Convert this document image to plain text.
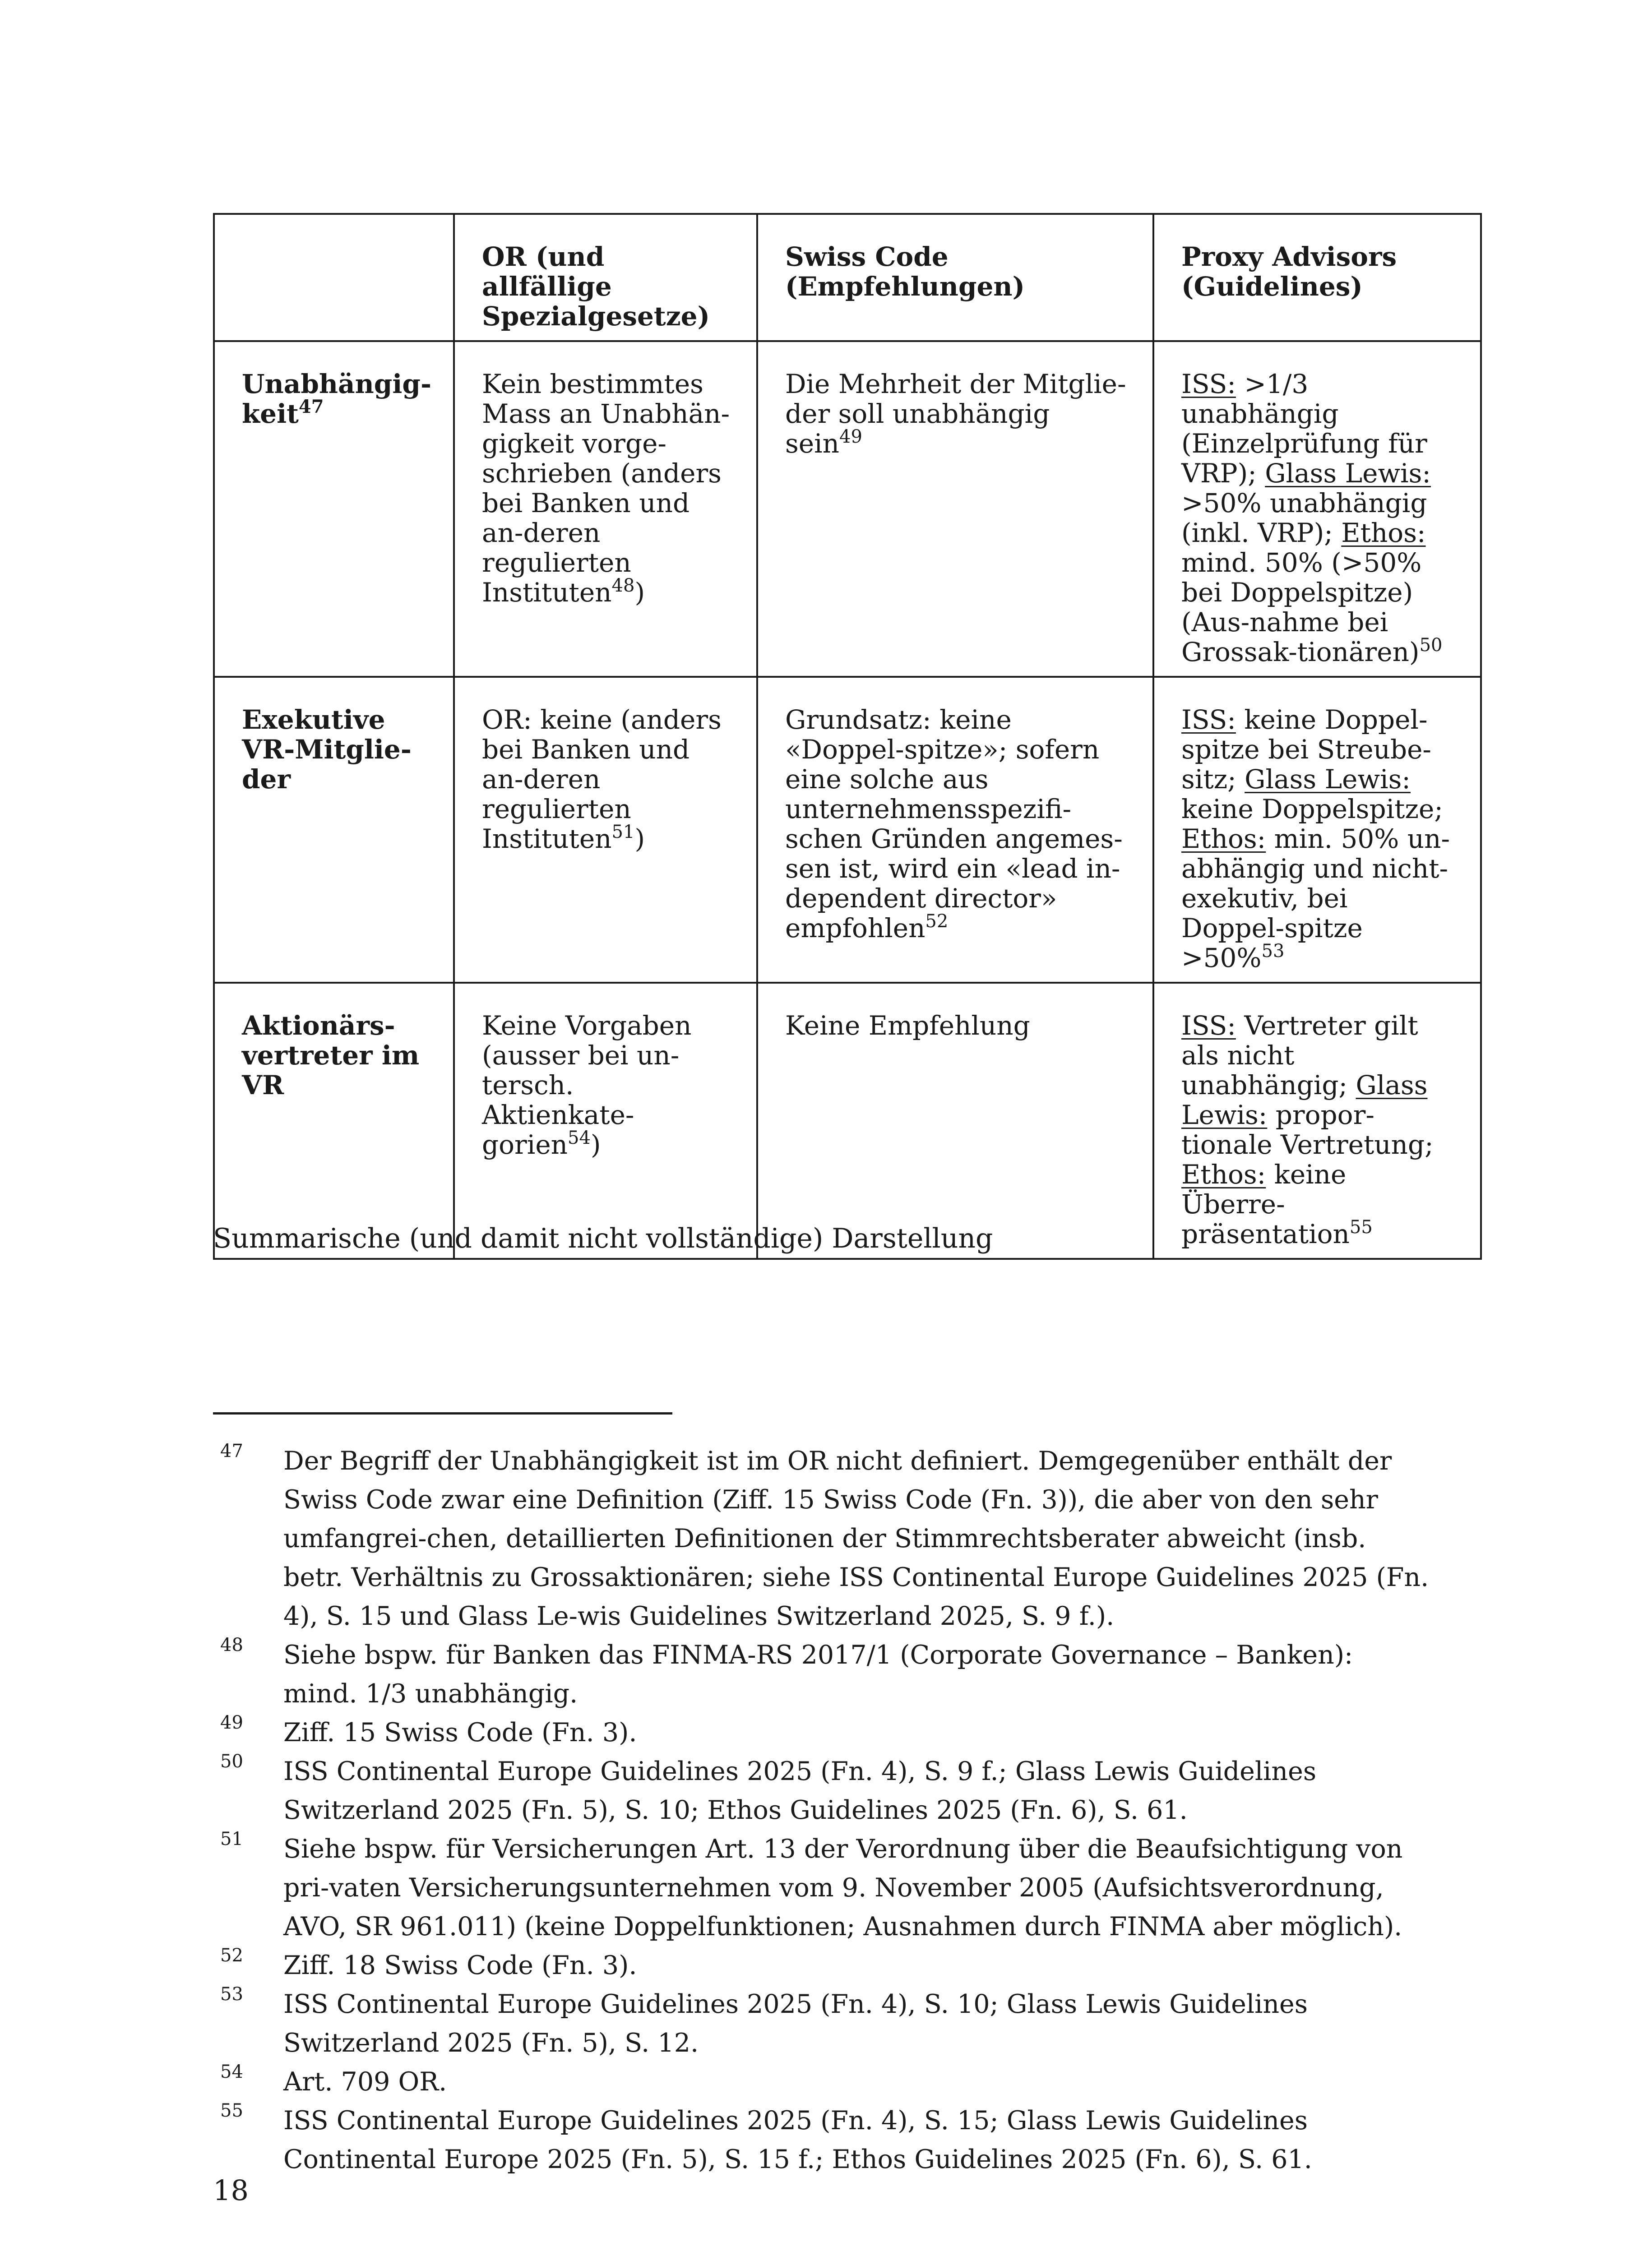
	OR (und allfällige Spezialgesetze)	Swiss Code (Empfehlungen)	Proxy Advisors (Guidelines)
Unabhängig-keit$^{47}$	Kein bestimmtes Mass an Unabhän-gigkeit vorge-schrieben (anders bei Banken und an-deren regulierten Instituten$^{48}$)	Die Mehrheit der Mitglie-der soll unabhängig sein$^{49}$	ISS: >1/3 unabhängig (Einzelprüfung für VRP); Glass Lewis: >50% unabhängig (inkl. VRP); Ethos: mind. 50% (>50% bei Doppelspitze) (Aus-nahme bei Grossak-tionären)$^{50}$
Exekutive VR-Mitglie-der	OR: keine (anders bei Banken und an-deren regulierten Instituten$^{51}$)	Grundsatz: keine «Doppel-spitze»; sofern eine solche aus unternehmensspezifi-schen Gründen angemes-sen ist, wird ein «lead in-dependent director» empfohlen$^{52}$	ISS: keine Doppel-spitze bei Streube-sitz; Glass Lewis: keine Doppelspitze; Ethos: min. 50% un-abhängig und nicht-exekutiv, bei Doppel-spitze >50%$^{53}$
Aktionärs-vertreter im VR	Keine Vorgaben (ausser bei un-tersch. Aktienkate-gorien$^{54}$)	Keine Empfehlung	ISS: Vertreter gilt als nicht unabhängig; Glass Lewis: propor-tionale Vertretung; Ethos: keine Überre-präsentation$^{55}$
Summarische (und damit nicht vollständige) Darstellung
47 Der Begriff der Unabhängigkeit ist im OR nicht definiert. Demgegenüber enthält der Swiss Code zwar eine Definition (Ziff. 15 Swiss Code (Fn. 3)), die aber von den sehr umfangrei-chen, detaillierten Definitionen der Stimmrechtsberater abweicht (insb. betr. Verhältnis zu Grossaktionären; siehe ISS Continental Europe Guidelines 2025 (Fn. 4), S. 15 und Glass Le-wis Guidelines Switzerland 2025, S. 9 f.).
48 Siehe bspw. für Banken das FINMA-RS 2017/1 (Corporate Governance – Banken): mind. 1/3 unabhängig.
49 Ziff. 15 Swiss Code (Fn. 3).
50 ISS Continental Europe Guidelines 2025 (Fn. 4), S. 9 f.; Glass Lewis Guidelines Switzerland 2025 (Fn. 5), S. 10; Ethos Guidelines 2025 (Fn. 6), S. 61.
51 Siehe bspw. für Versicherungen Art. 13 der Verordnung über die Beaufsichtigung von pri-vaten Versicherungsunternehmen vom 9. November 2005 (Aufsichtsverordnung, AVO, SR 961.011) (keine Doppelfunktionen; Ausnahmen durch FINMA aber möglich).
52 Ziff. 18 Swiss Code (Fn. 3).
53 ISS Continental Europe Guidelines 2025 (Fn. 4), S. 10; Glass Lewis Guidelines Switzerland 2025 (Fn. 5), S. 12.
54 Art. 709 OR.
55 ISS Continental Europe Guidelines 2025 (Fn. 4), S. 15; Glass Lewis Guidelines Continental Europe 2025 (Fn. 5), S. 15 f.; Ethos Guidelines 2025 (Fn. 6), S. 61.
18
